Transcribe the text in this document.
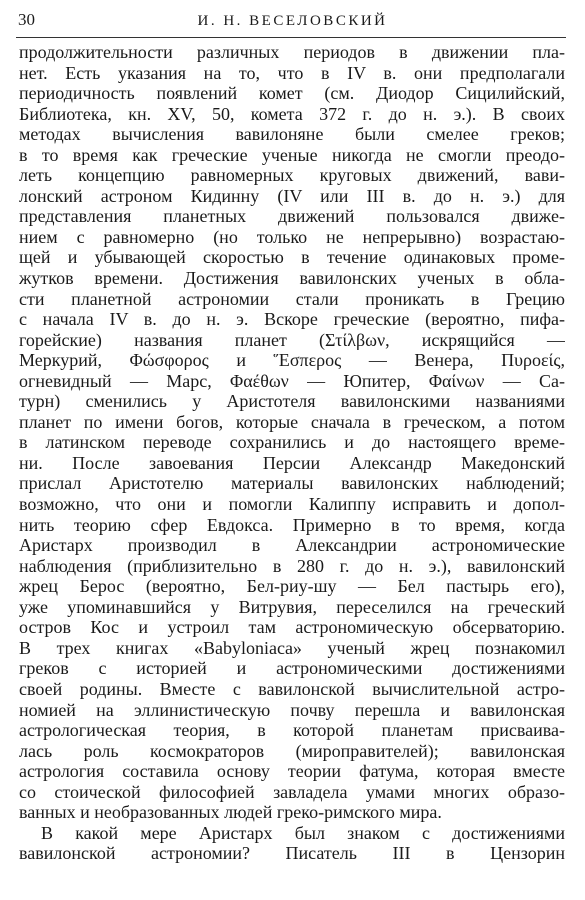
30	И. Н. ВЕСЕЛОВСКИЙ
продолжительности различных периодов в движении пла-
нет. Есть указания на то, что в IV в. они предполагали
периодичность появлений комет (см. Диодор Сицилийский,
Библиотека, кн. XV, 50, комета 372 г. до н. э.). В своих
методах вычисления вавилоняне были смелее греков;
в то время как греческие ученые никогда не смогли преодо-
леть концепцию равномерных круговых движений, вави-
лонский астроном Кидинну (IV или III в. до н. э.) для
представления планетных движений пользовался движе-
нием с равномерно (но только не непрерывно) возрастаю-
щей и убывающей скоростью в течение одинаковых проме-
жутков времени. Достижения вавилонских ученых в обла-
сти планетной астрономии стали проникать в Грецию
с начала IV в. до н. э. Вскоре греческие (вероятно, пифа-
горейские) названия планет (Στίλβων, искрящийся —
Меркурий, Φώσφορος и Ἕσπερος — Венера, Πυροείς,
огневидный — Марс, Φαέθων — Юпитер, Φαίνων — Са-
турн) сменились у Аристотеля вавилонскими названиями
планет по имени богов, которые сначала в греческом, а потом
в латинском переводе сохранились и до настоящего време-
ни. После завоевания Персии Александр Македонский
прислал Аристотелю материалы вавилонских наблюдений;
возможно, что они и помогли Калиппу исправить и допол-
нить теорию сфер Евдокса. Примерно в то время, когда
Аристарх производил в Александрии астрономические
наблюдения (приблизительно в 280 г. до н. э.), вавилонский
жрец Берос (вероятно, Бел-риу-шу — Бел пастырь его),
уже упоминавшийся у Витрувия, переселился на греческий
остров Кос и устроил там астрономическую обсерваторию.
В трех книгах «Babyloniaca» ученый жрец познакомил
греков с историей и астрономическими достижениями
своей родины. Вместе с вавилонской вычислительной астро-
номией на эллинистическую почву перешла и вавилонская
астрологическая теория, в которой планетам присваива-
лась роль космократоров (мироправителей); вавилонская
астрология составила основу теории фатума, которая вместе
со стоической философией завладела умами многих образо-
ванных и необразованных людей греко-римского мира.
В какой мере Аристарх был знаком с достижениями
вавилонской астрономии? Писатель III в Цензорин
